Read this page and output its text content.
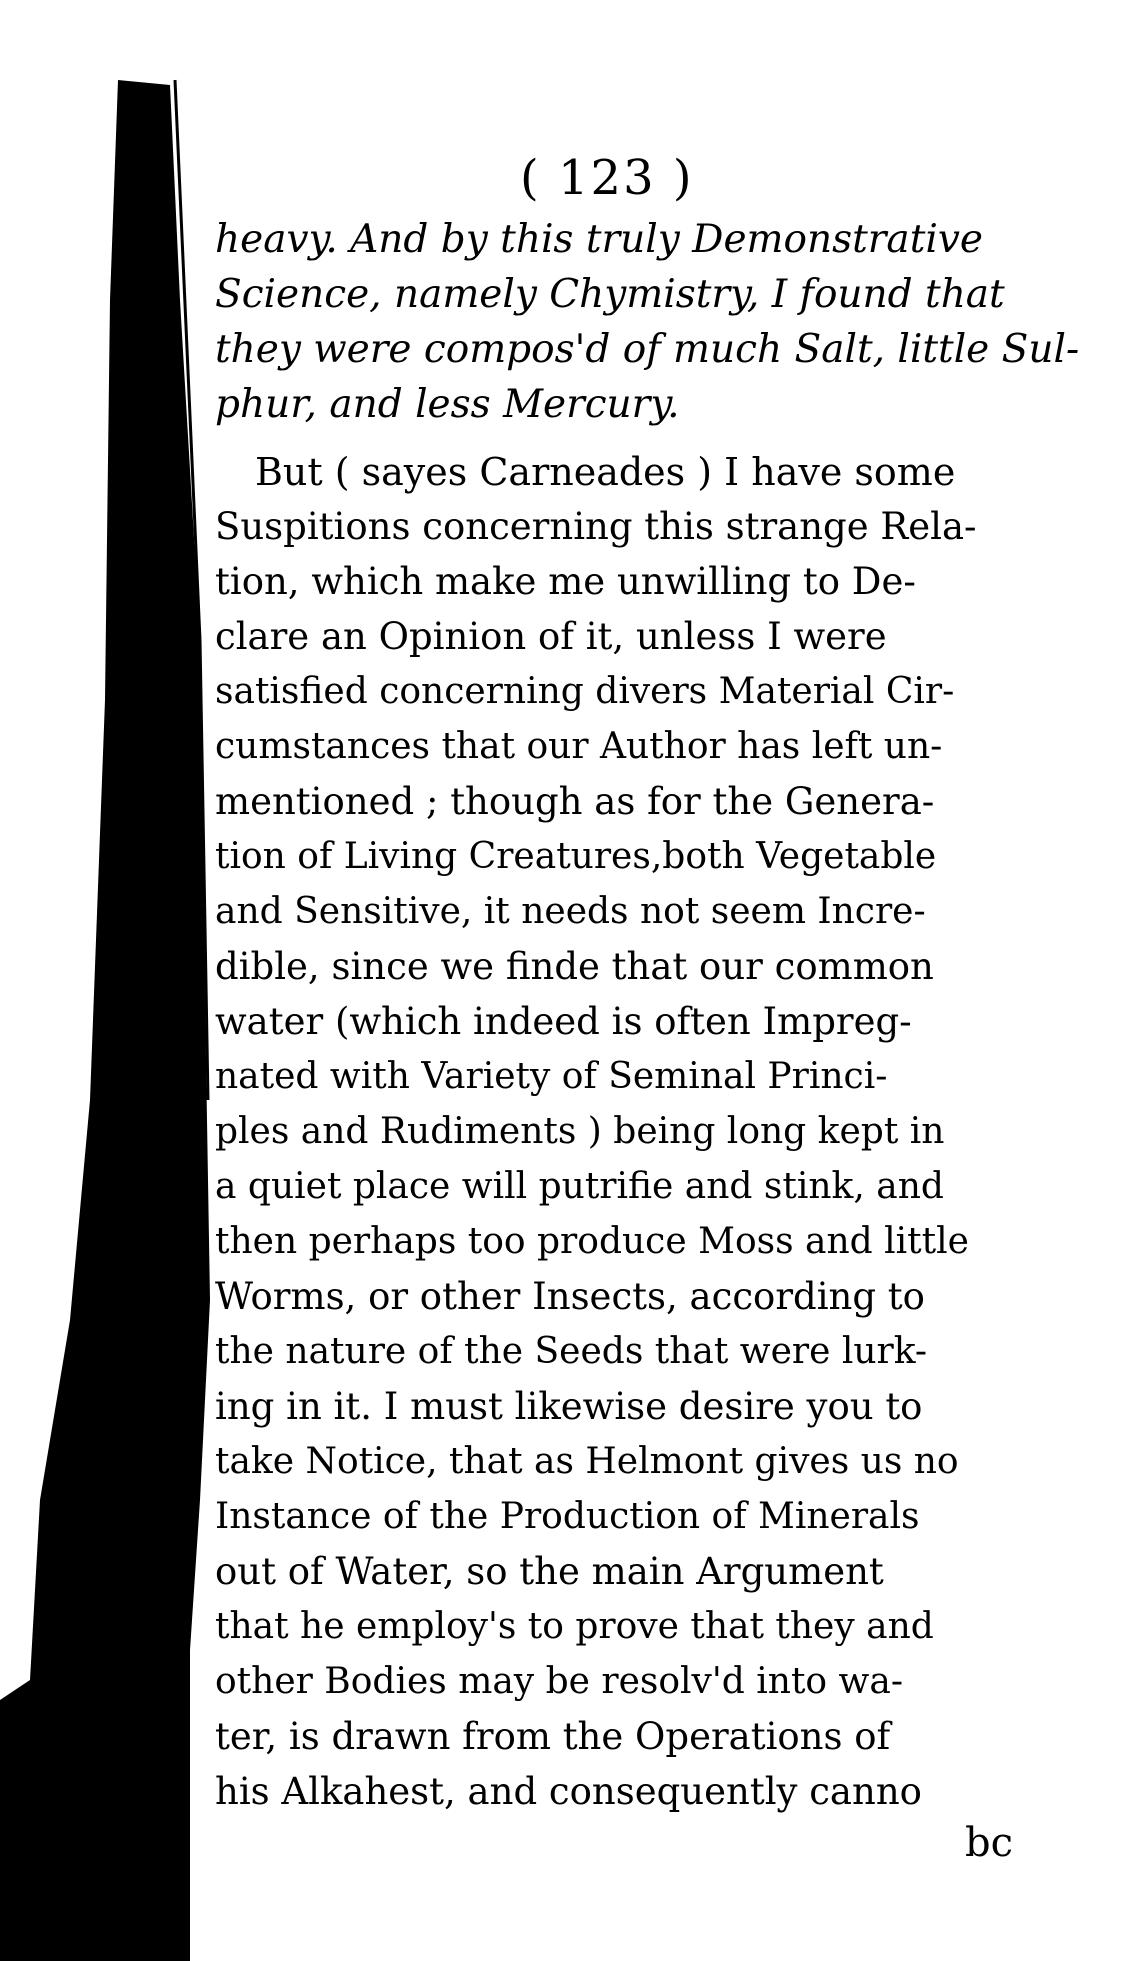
( 123 )
heavy. And by this truly Demonstrative
Science, namely Chymistry, I found that
they were compos'd of much Salt, little Sul-
phur, and less Mercury.
But ( sayes Carneades ) I have some
Suspitions concerning this strange Rela-
tion, which make me unwilling to De-
clare an Opinion of it, unless I were
satisfied concerning divers Material Cir-
cumstances that our Author has left un-
mentioned ; though as for the Genera-
tion of Living Creatures,both Vegetable
and Sensitive, it needs not seem Incre-
dible, since we finde that our common
water (which indeed is often Impreg-
nated with Variety of Seminal Princi-
ples and Rudiments ) being long kept in
a quiet place will putrifie and stink, and
then perhaps too produce Moss and little
Worms, or other Insects, according to
the nature of the Seeds that were lurk-
ing in it. I must likewise desire you to
take Notice, that as Helmont gives us no
Instance of the Production of Minerals
out of Water, so the main Argument
that he employ's to prove that they and
other Bodies may be resolv'd into wa-
ter, is drawn from the Operations of
his Alkahest, and consequently canno
bc
